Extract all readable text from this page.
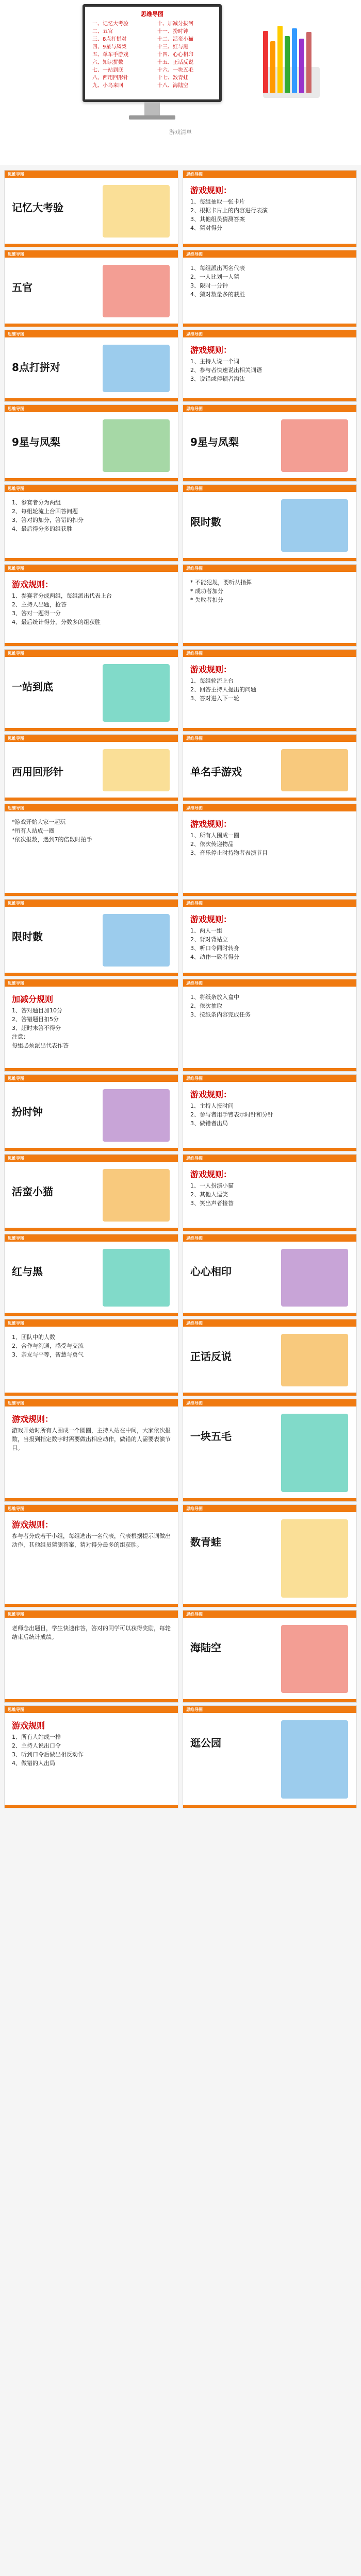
思维导图
一、记忆大考验
二、五官
三、8点打拼对
四、9星与凤梨
五、单车手游戏
六、知识拼数
七、一站到底
八、西用回形针
九、小鸟来回
十、加减分拔河
十一、扮时钟
十二、活蛮小猫
十三、红与黑
十四、心心相印
十五、正话反说
十六、一块五毛
十七、数青蛙
十八、海陆空
游戏清单
思维导图
记忆大考验
思维导图
五官
思维导图
8点打拼对
思维导图
9星与凤梨
思维导图
1、参赛者分为两组
2、每组轮流上台回答问题
3、答对的加分，答错的扣分
4、最后得分多的组获胜
思维导图
游戏规则：
1、参赛者分成两组，每组派出代表上台
2、主持人出题，抢答
3、答对一题得一分
4、最后统计得分，分数多的组获胜
思维导图
一站到底
思维导图
西用回形针
思维导图
*游戏开始大家一起玩
*所有人站成一圈
*依次报数，遇到7的倍数时拍手
思维导图
限时數
思维导图
加减分规则
1、答对题目加10分
2、答错题目扣5分
3、超时未答不得分
注意：
每组必须派出代表作答
思维导图
扮时钟
思维导图
活蛮小猫
思维导图
红与黑
思维导图
1、团队中的人数
2、合作与沟通，感受与交流
3、亲友与平等，智慧与勇气
思维导图
游戏规则：
游戏开始时所有人围成一个圆圈，主持人站在中间，大家依次报数，当报到指定数字时需要做出相应动作，做错的人需要表演节目。
思维导图
游戏规则：
参与者分成若干小组，每组选出一名代表，代表根据提示词做出动作，其他组员猜测答案，猜对得分最多的组获胜。
思维导图
老师念出题目，学生快速作答，答对的同学可以获得奖励，每轮结束后统计成绩。
思维导图
游戏规则
1、所有人站成一排
2、主持人说出口令
3、听到口令后做出相反动作
4、做错的人出局
思维导图
游戏规则：
1、每组抽取一张卡片
2、根据卡片上的内容进行表演
3、其他组员猜测答案
4、猜对得分
思维导图
1、每组派出两名代表
2、一人比划一人猜
3、限时一分钟
4、猜对数量多的获胜
思维导图
游戏规则：
1、主持人说一个词
2、参与者快速说出相关词语
3、说错或停顿者淘汰
思维导图
9星与凤梨
思维导图
限时數
思维导图
* 不能犯规，要听从指挥
* 成功者加分
* 失败者扣分
思维导图
游戏规则：
1、每组轮流上台
2、回答主持人提出的问题
3、答对进入下一轮
思维导图
单名手游戏
思维导图
游戏规则：
1、所有人围成一圈
2、依次传递物品
3、音乐停止时持物者表演节目
思维导图
游戏规则：
1、两人一组
2、背对背站立
3、听口令同时转身
4、动作一致者得分
思维导图
1、将纸条放入盒中
2、依次抽取
3、按纸条内容完成任务
思维导图
游戏规则：
1、主持人报时间
2、参与者用手臂表示时针和分针
3、做错者出局
思维导图
游戏规则：
1、一人扮演小猫
2、其他人逗笑
3、笑出声者接替
思维导图
心心相印
思维导图
正话反说
思维导图
一块五毛
思维导图
数青蛙
思维导图
海陆空
思维导图
逛公园
